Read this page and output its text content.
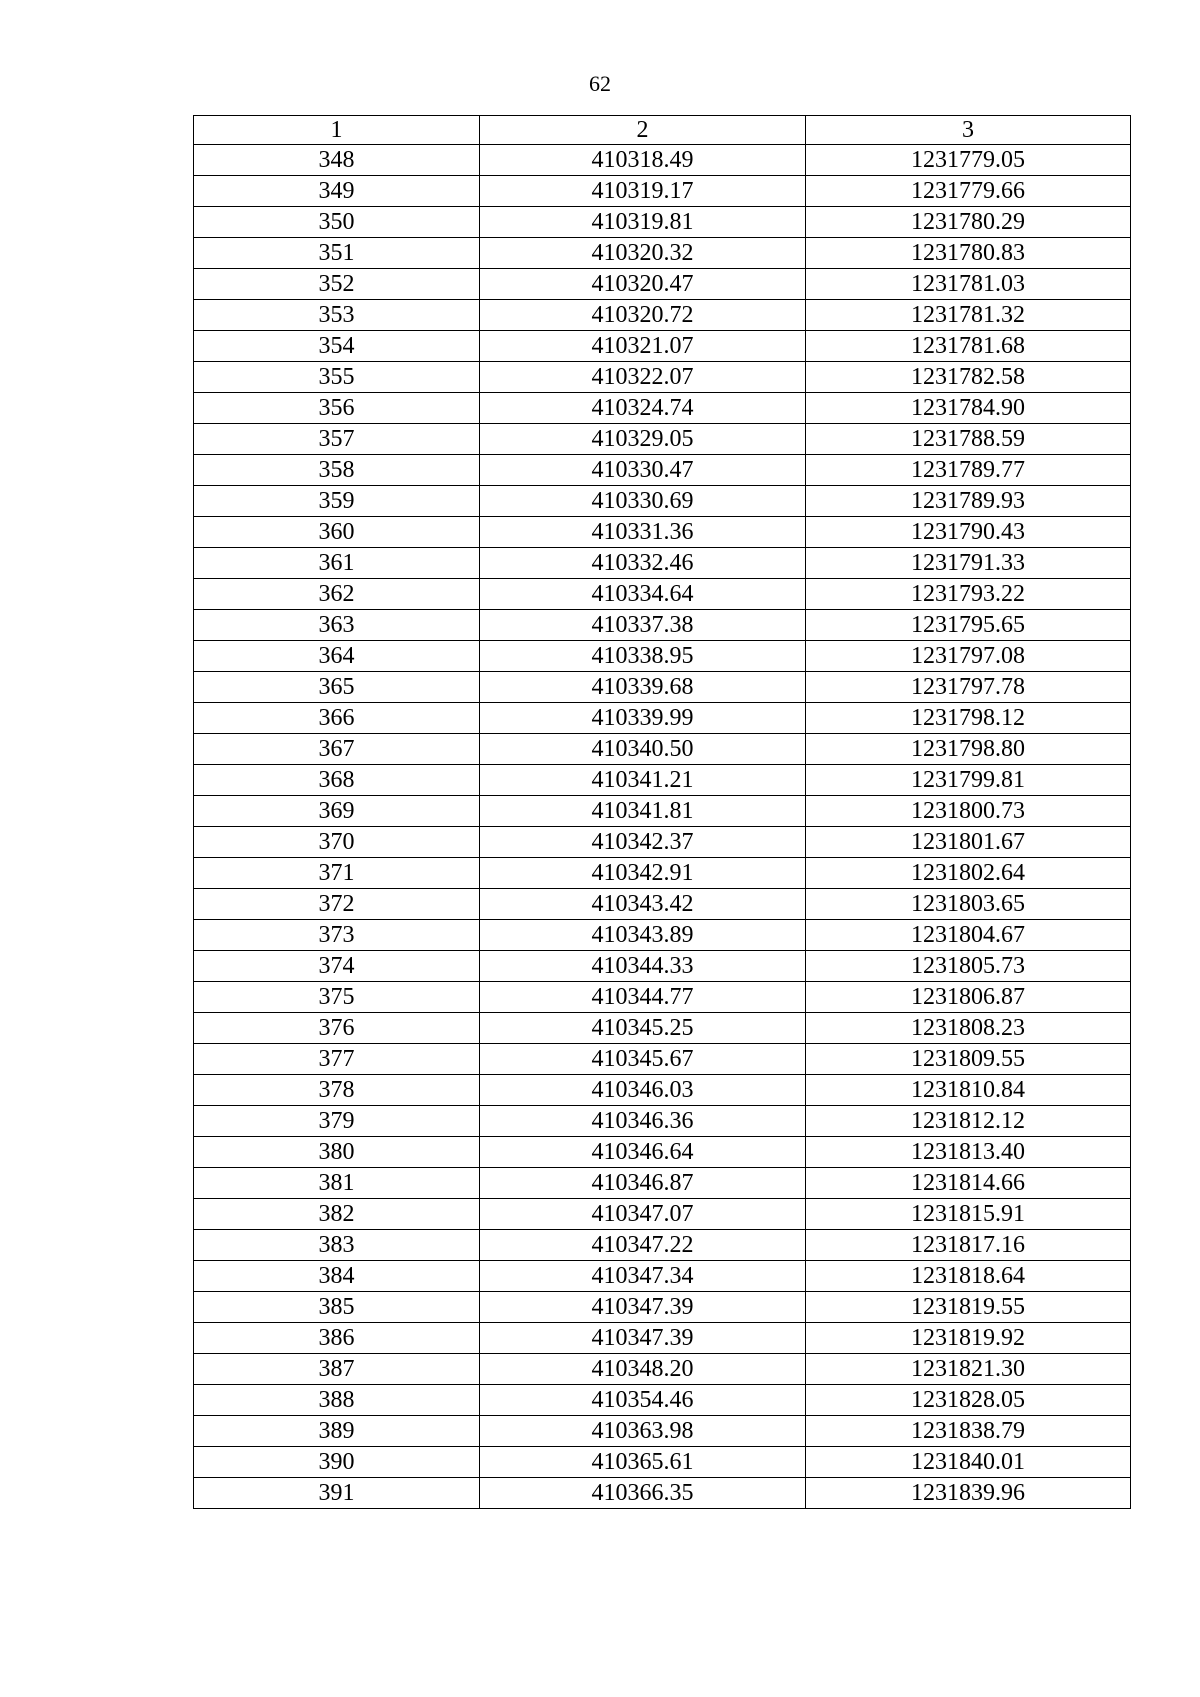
62
1	2	3
348	410318.49	1231779.05
349	410319.17	1231779.66
350	410319.81	1231780.29
351	410320.32	1231780.83
352	410320.47	1231781.03
353	410320.72	1231781.32
354	410321.07	1231781.68
355	410322.07	1231782.58
356	410324.74	1231784.90
357	410329.05	1231788.59
358	410330.47	1231789.77
359	410330.69	1231789.93
360	410331.36	1231790.43
361	410332.46	1231791.33
362	410334.64	1231793.22
363	410337.38	1231795.65
364	410338.95	1231797.08
365	410339.68	1231797.78
366	410339.99	1231798.12
367	410340.50	1231798.80
368	410341.21	1231799.81
369	410341.81	1231800.73
370	410342.37	1231801.67
371	410342.91	1231802.64
372	410343.42	1231803.65
373	410343.89	1231804.67
374	410344.33	1231805.73
375	410344.77	1231806.87
376	410345.25	1231808.23
377	410345.67	1231809.55
378	410346.03	1231810.84
379	410346.36	1231812.12
380	410346.64	1231813.40
381	410346.87	1231814.66
382	410347.07	1231815.91
383	410347.22	1231817.16
384	410347.34	1231818.64
385	410347.39	1231819.55
386	410347.39	1231819.92
387	410348.20	1231821.30
388	410354.46	1231828.05
389	410363.98	1231838.79
390	410365.61	1231840.01
391	410366.35	1231839.96
